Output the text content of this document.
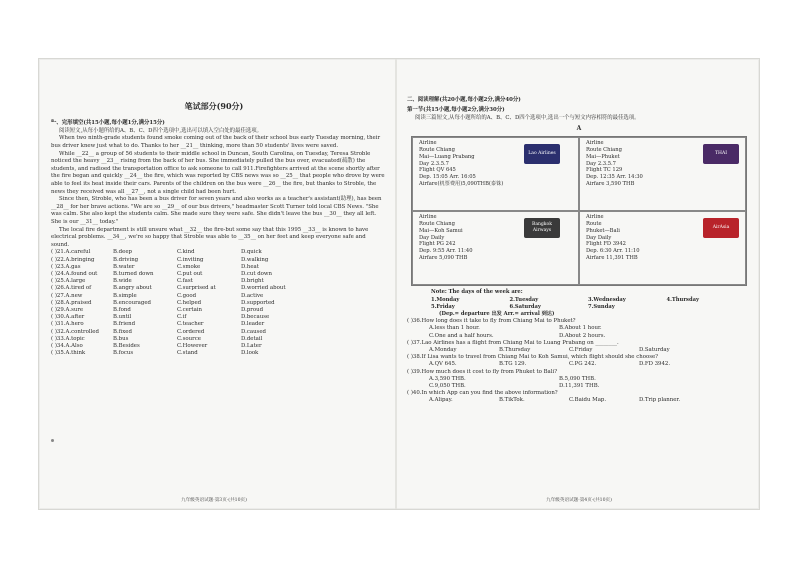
笔试部分(90分)
一、完形填空(共15小题,每小题1分,满分15分)
阅读短文,从每小题所给的A、B、C、D四个选项中,选出可以填入空白处的最佳选项。
When two ninth-grade students found smoke coming out of the back of their school bus early Tuesday morning, their bus driver knew just what to do. Thanks to her __21__ thinking, more than 50 students' lives were saved.
While __22__ a group of 56 students to their middle school in Duncan, South Carolina, on Tuesday, Teresa Stroble noticed the heavy __23__ rising from the back of her bus. She immediately pulled the bus over, evacuated(疏散) the students, and radioed the transportation office to ask someone to call 911.Firefighters arrived at the scene shortly after the fire began and quickly __24__ the fire, which was reported by CBS news was so __25__ that people who drove by were able to feel its heat inside their cars. Parents of the children on the bus were __26__ the fire, but thanks to Stroble, the news they received was all __27__, not a single child had been hurt.
Since then, Stroble, who has been a bus driver for seven years and also works as a teacher's assistant(助理), has been __28__ for her brave actions. "We are so __29__ of our bus drivers," headmaster Scott Turner told local CBS News. "She was calm. She also kept the students calm. She made sure they were safe. She didn't leave the bus __30__ they all left. She is our __31__ today."
The local fire department is still unsure what __32__ the fire-but some say that this 1995 __33__ is known to have electrical problems. __34__, we're so happy that Stroble was able to __35__ on her feet and keep everyone safe and sound.
( )21.A.careful	B.deep	C.kind	D.quick
( )22.A.bringing	B.driving	C.inviting	D.walking
( )23.A.gas	B.water	C.smoke	D.heat
( )24.A.found out	B.turned down	C.put out	D.cut down
( )25.A.large	B.wide	C.fast	D.bright
( )26.A.tired of	B.angry about	C.surprised at	D.worried about
( )27.A.new	B.simple	C.good	D.active
( )28.A.praised	B.encouraged	C.helped	D.supported
( )29.A.sure	B.fond	C.certain	D.proud
( )30.A.after	B.until	C.if	D.because
( )31.A.hero	B.friend	C.teacher	D.leader
( )32.A.controlled	B.fixed	C.ordered	D.caused
( )33.A.topic	B.bus	C.source	D.detail
( )34.A.Also	B.Besides	C.However	D.Later
( )35.A.think	B.focus	C.stand	D.look
九年级英语试题·第3页·(共10页)
二、阅读理解(共20小题,每小题2分,满分40分)
第一节(共15小题,每小题2分,满分30分)
阅读三篇短文,从每小题所给的A、B、C、D四个选项中,选出一个与短文内容相符的最佳选项。
A
Airline
Route Chiang
Mai—Luang Prabang
Day 2.3.5.7
Flight QV 645
Dep. 15:05 Arr. 16:05
Airfare(机票费用)5,090THB(泰铢)
Lao Airlines
Airline
Route Chiang
Mai—Phuket
Day 2.3.5.7
Flight TC 129
Dep. 12:35 Arr. 14:30
Airfare 3,590 THB
THAI
Airline
Route Chiang
Mai—Koh Samui
Day Daily
Flight PG 242
Dep. 9:55 Arr. 11:40
Airfare 5,090 THB
Bangkok Airways
Airline
Route
Phuket—Bali
Day Daily
Flight FD 3942
Dep. 6:30 Arr. 11:10
Airfare 11,391 THB
AirAsia
Note: The days of the week are:
1.Monday	2.Tuesday	3.Wednesday	4.Thursday
5.Friday	6.Saturday	7.Sunday
(Dep.= departure 出发 Arr.= arrival 到达)
( )36.How long does it take to fly from Chiang Mai to Phuket?
A.less than 1 hour.	B.About 1 hour.
C.One and a half hours.	D.About 2 hours.
( )37.Lao Airlines has a flight from Chiang Mai to Luang Prabang on ________.
A.Monday	B.Thursday	C.Friday	D.Saturday
( )38.If Lisa wants to travel from Chiang Mai to Koh Samui, which flight should she choose?
A.QV 645.	B.TG 129.	C.PG 242.	D.FD 3942.
( )39.How much does it cost to fly from Phuket to Bali?
A.3,590 THB.	B.5,090 THB.
C.9,050 THB.	D.11,391 THB.
( )40.In which App can you find the above information?
A.Alipay.	B.TikTok.	C.Baidu Map.	D.Trip planner.
九年级英语试题·第4页·(共10页)
